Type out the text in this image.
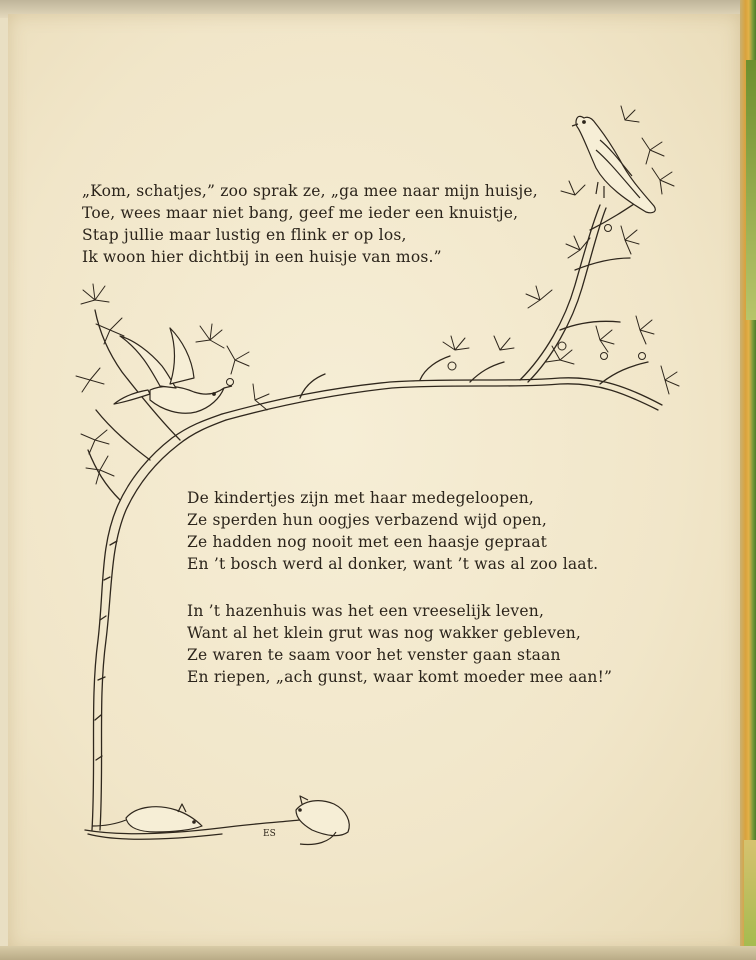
ES
„Kom, schatjes,” zoo sprak ze, „ga mee naar mijn huisje,
Toe, wees maar niet bang, geef me ieder een knuistje,
Stap jullie maar lustig en flink er op los,
Ik woon hier dichtbij in een huisje van mos.”
De kindertjes zijn met haar medegeloopen,
Ze sperden hun oogjes verbazend wijd open,
Ze hadden nog nooit met een haasje gepraat
En ’t bosch werd al donker, want ’t was al zoo laat.
In ’t hazenhuis was het een vreeselijk leven,
Want al het klein grut was nog wakker gebleven,
Ze waren te saam voor het venster gaan staan
En riepen, „ach gunst, waar komt moeder mee aan!”
